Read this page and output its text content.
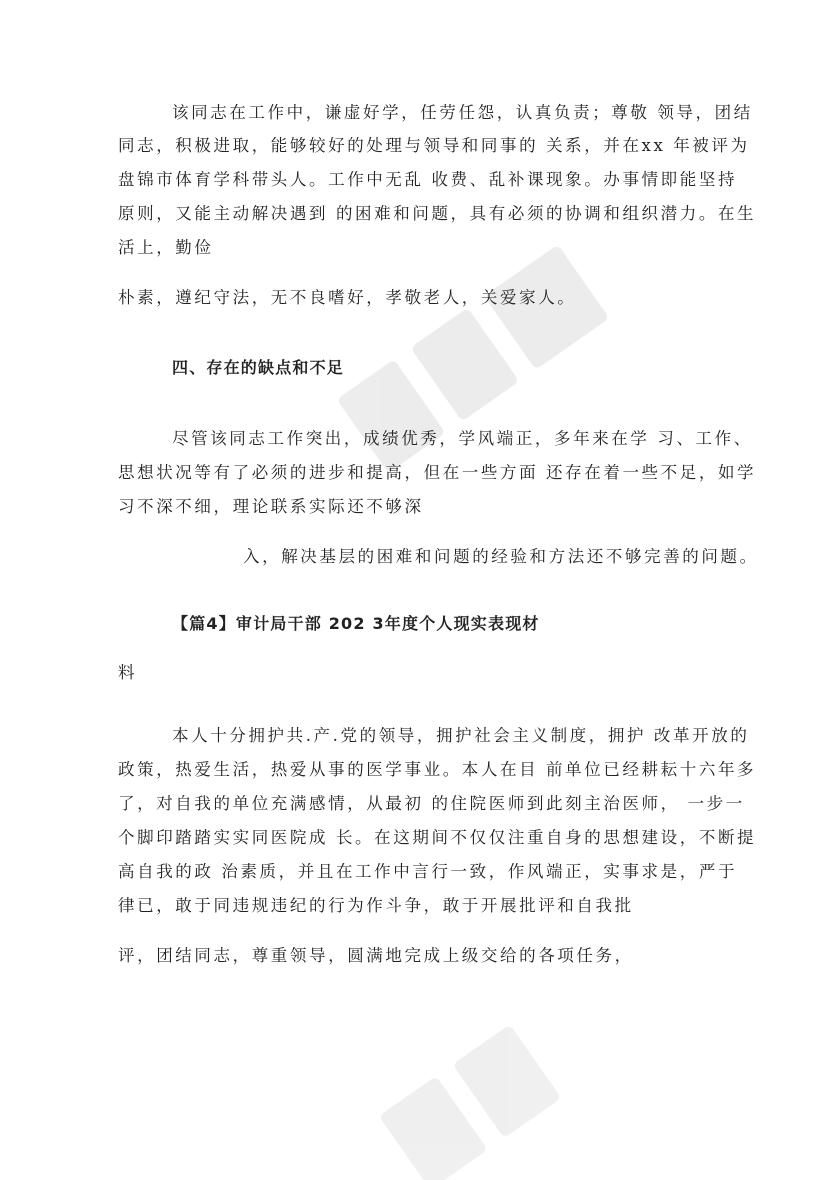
该同志在工作中，谦虚好学，任劳任怨，认真负责；尊敬 领导，团结
同志，积极进取，能够较好的处理与领导和同事的 关系，并在xx 年被评为
盘锦市体育学科带头人。工作中无乱 收费、乱补课现象。办事情即能坚持
原则，又能主动解决遇到 的困难和问题，具有必须的协调和组织潜力。在生
活上，勤俭
朴素，遵纪守法，无不良嗜好，孝敬老人，关爱家人。
四、存在的缺点和不足
尽管该同志工作突出，成绩优秀，学风端正，多年来在学 习、工作、
思想状况等有了必须的进步和提高，但在一些方面 还存在着一些不足，如学
习不深不细，理论联系实际还不够深
入，解决基层的困难和问题的经验和方法还不够完善的问题。
【篇4】审计局干部 202 3年度个人现实表现材
料
本人十分拥护共.产.党的领导，拥护社会主义制度，拥护 改革开放的
政策，热爱生活，热爱从事的医学事业。本人在目 前单位已经耕耘十六年多
了，对自我的单位充满感情，从最初 的住院医师到此刻主治医师， 一步一
个脚印踏踏实实同医院成 长。在这期间不仅仅注重自身的思想建设，不断提
高自我的政 治素质，并且在工作中言行一致，作风端正，实事求是，严于
律已，敢于同违规违纪的行为作斗争，敢于开展批评和自我批
评，团结同志，尊重领导，圆满地完成上级交给的各项任务，
